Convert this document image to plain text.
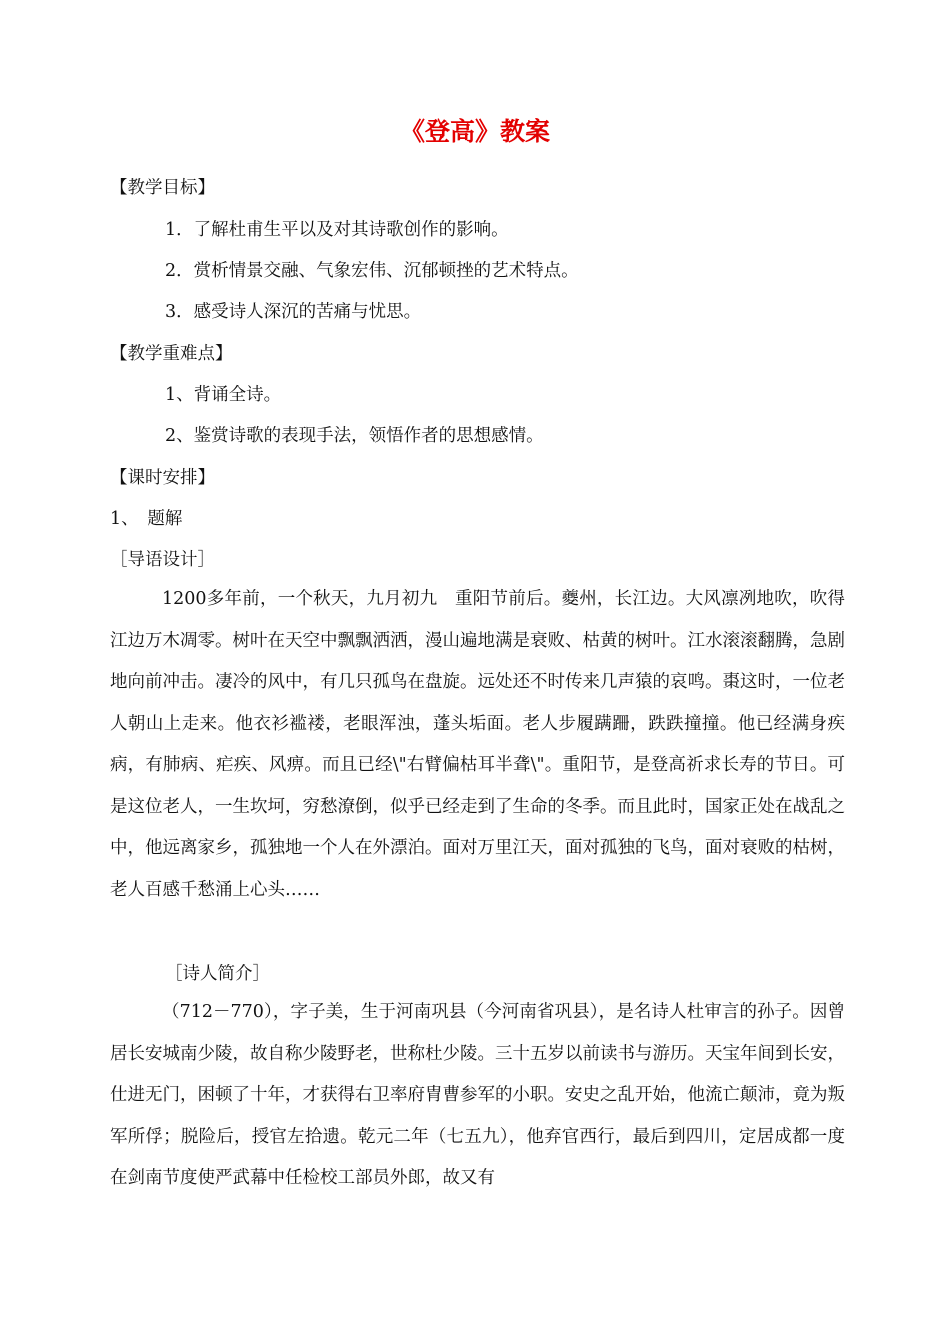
《登高》教案
【教学目标】
1．了解杜甫生平以及对其诗歌创作的影响。
2．赏析情景交融、气象宏伟、沉郁顿挫的艺术特点。
3．感受诗人深沉的苦痛与忧思。
【教学重难点】
1、背诵全诗。
2、鉴赏诗歌的表现手法，领悟作者的思想感情。
【课时安排】
1、　题解
［导语设计］
1200多年前，一个秋天，九月初九　重阳节前后。夔州，长江边。大风凛冽地吹，吹得江边万木凋零。树叶在天空中飘飘洒洒，漫山遍地满是衰败、枯黄的树叶。江水滚滚翻腾，急剧地向前冲击。凄冷的风中，有几只孤鸟在盘旋。远处还不时传来几声猿的哀鸣。棗这时，一位老人朝山上走来。他衣衫褴褛，老眼浑浊，蓬头垢面。老人步履蹒跚，跌跌撞撞。他已经满身疾病，有肺病、疟疾、风痹。而且已经\"右臂偏枯耳半聋\"。重阳节，是登高祈求长寿的节日。可是这位老人，一生坎坷，穷愁潦倒，似乎已经走到了生命的冬季。而且此时，国家正处在战乱之中，他远离家乡，孤独地一个人在外漂泊。面对万里江天，面对孤独的飞鸟，面对衰败的枯树，老人百感千愁涌上心头……
［诗人简介］
（712－770），字子美，生于河南巩县（今河南省巩县），是名诗人杜审言的孙子。因曾居长安城南少陵，故自称少陵野老，世称杜少陵。三十五岁以前读书与游历。天宝年间到长安，仕进无门，困顿了十年，才获得右卫率府胄曹参军的小职。安史之乱开始，他流亡颠沛，竟为叛军所俘；脱险后，授官左拾遗。乾元二年（七五九），他弃官西行，最后到四川，定居成都一度在剑南节度使严武幕中任检校工部员外郎，故又有
